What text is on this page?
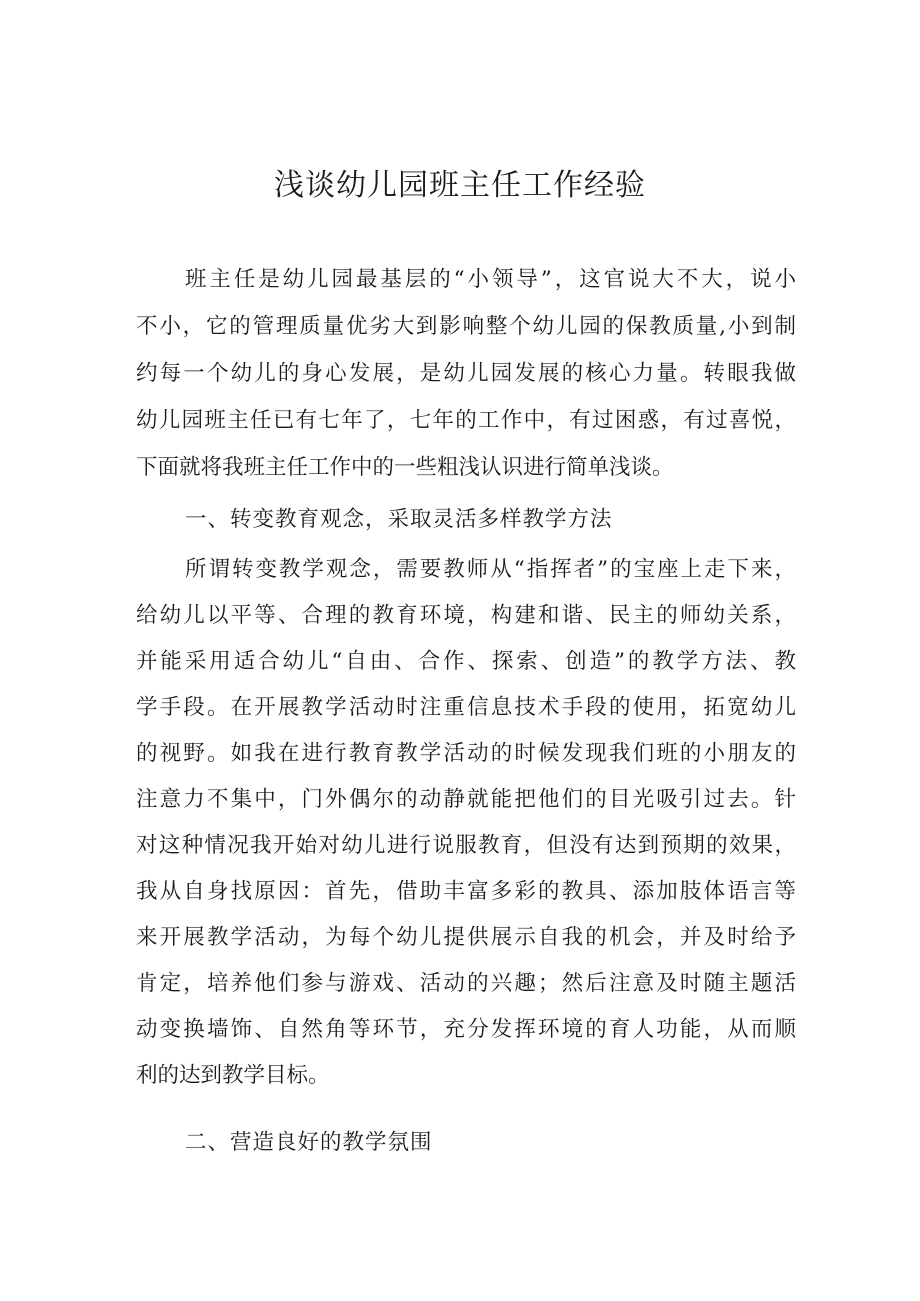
浅谈幼儿园班主任工作经验

班主任是幼儿园最基层的“小领导”，这官说大不大，说小

不小，它的管理质量优劣大到影响整个幼儿园的保教质量,小到制

约每一个幼儿的身心发展，是幼儿园发展的核心力量。转眼我做

幼儿园班主任已有七年了，七年的工作中，有过困惑，有过喜悦，

下面就将我班主任工作中的一些粗浅认识进行简单浅谈。

一、转变教育观念，采取灵活多样教学方法

所谓转变教学观念，需要教师从“指挥者”的宝座上走下来，

给幼儿以平等、合理的教育环境，构建和谐、民主的师幼关系，

并能采用适合幼儿“自由、合作、探索、创造”的教学方法、教

学手段。在开展教学活动时注重信息技术手段的使用，拓宽幼儿

的视野。如我在进行教育教学活动的时候发现我们班的小朋友的

注意力不集中，门外偶尔的动静就能把他们的目光吸引过去。针

对这种情况我开始对幼儿进行说服教育，但没有达到预期的效果，

我从自身找原因：首先，借助丰富多彩的教具、添加肢体语言等

来开展教学活动，为每个幼儿提供展示自我的机会，并及时给予

肯定，培养他们参与游戏、活动的兴趣；然后注意及时随主题活

动变换墙饰、自然角等环节，充分发挥环境的育人功能，从而顺

利的达到教学目标。

二、营造良好的教学氛围
